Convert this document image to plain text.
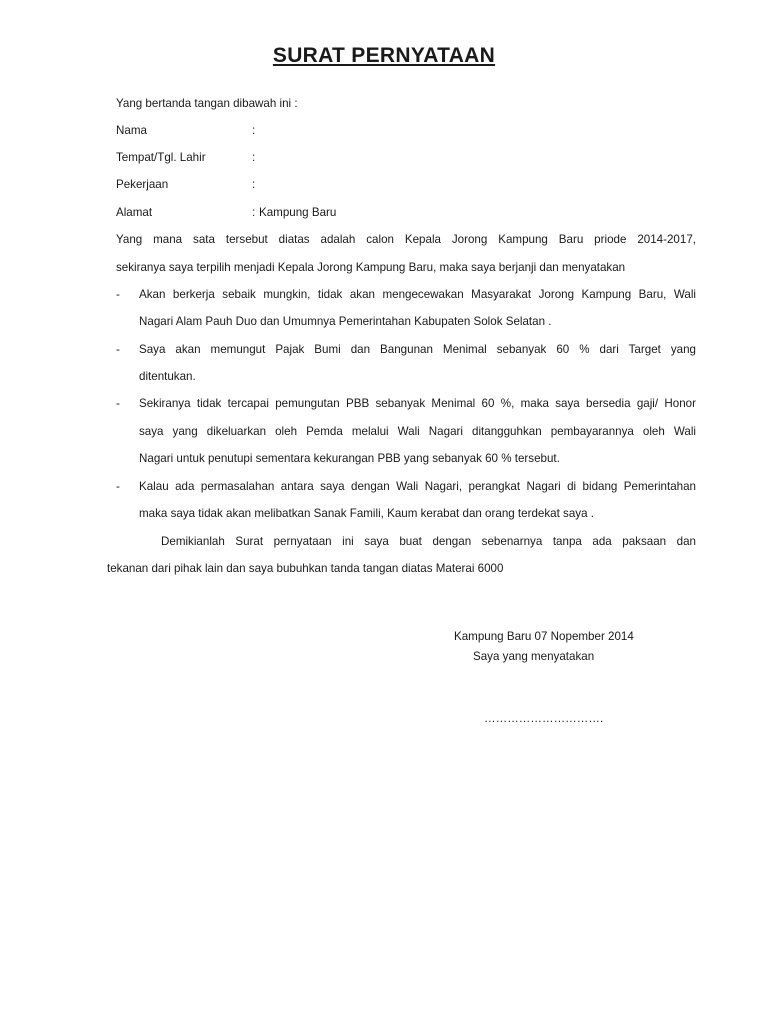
SURAT PERNYATAAN
Yang bertanda tangan dibawah ini :
Nama	:
Tempat/Tgl. Lahir	:
Pekerjaan	:
Alamat	: Kampung Baru
Yang mana sata tersebut diatas adalah calon Kepala Jorong Kampung Baru priode 2014-2017,
sekiranya saya terpilih menjadi Kepala Jorong Kampung Baru, maka saya berjanji dan menyatakan
- Akan berkerja sebaik mungkin, tidak akan mengecewakan Masyarakat Jorong Kampung Baru, Wali
Nagari Alam Pauh Duo dan Umumnya Pemerintahan Kabupaten Solok Selatan .
- Saya akan memungut Pajak Bumi dan Bangunan Menimal sebanyak 60 % dari Target yang
ditentukan.
- Sekiranya tidak tercapai pemungutan PBB sebanyak Menimal 60 %, maka saya bersedia gaji/ Honor
saya yang dikeluarkan oleh Pemda melalui Wali Nagari ditangguhkan pembayarannya oleh Wali
Nagari untuk penutupi sementara kekurangan PBB yang sebanyak 60 % tersebut.
- Kalau ada permasalahan antara saya dengan Wali Nagari, perangkat Nagari di bidang Pemerintahan
maka saya tidak akan melibatkan Sanak Famili, Kaum kerabat dan orang terdekat saya .
Demikianlah Surat pernyataan ini saya buat dengan sebenarnya tanpa ada paksaan dan
tekanan dari pihak lain dan saya bubuhkan tanda tangan diatas Materai 6000
Kampung Baru 07 Nopember 2014
Saya yang menyatakan
………………………….
